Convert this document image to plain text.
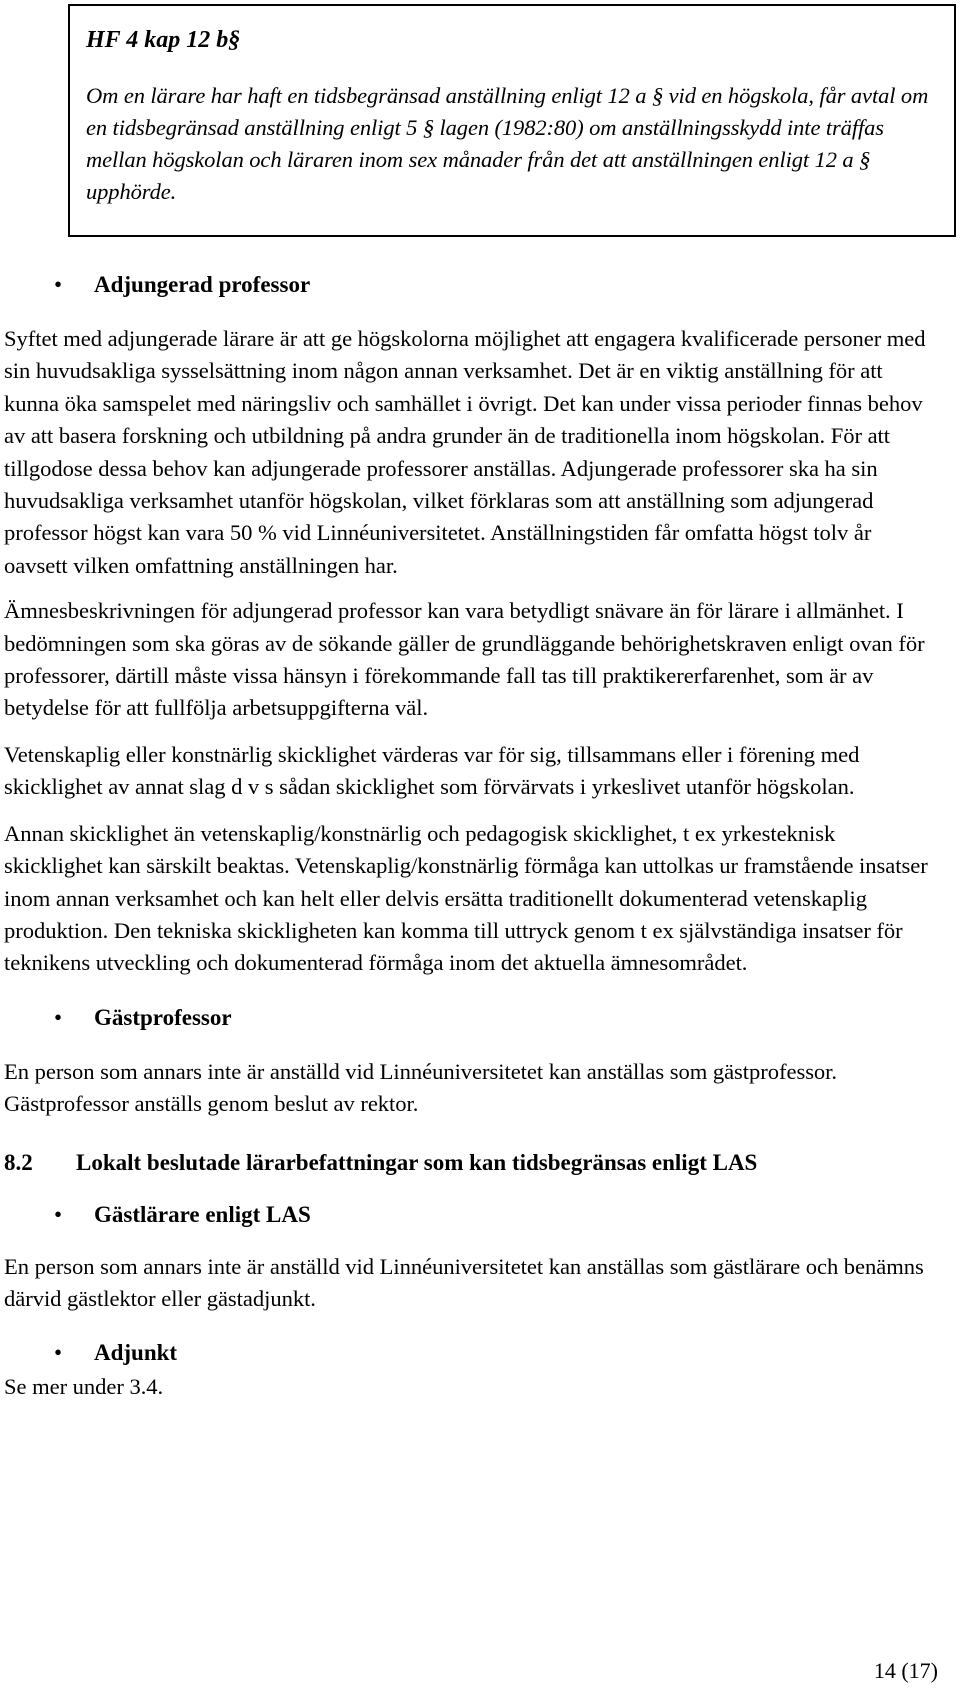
HF 4 kap 12 b§

Om en lärare har haft en tidsbegränsad anställning enligt 12 a § vid en högskola, får avtal om en tidsbegränsad anställning enligt 5 § lagen (1982:80) om anställningsskydd inte träffas mellan högskolan och läraren inom sex månader från det att anställningen enligt 12 a § upphörde.

• Adjungerad professor

Syftet med adjungerade lärare är att ge högskolorna möjlighet att engagera kvalificerade personer med sin huvudsakliga sysselsättning inom någon annan verksamhet. Det är en viktig anställning för att kunna öka samspelet med näringsliv och samhället i övrigt. Det kan under vissa perioder finnas behov av att basera forskning och utbildning på andra grunder än de traditionella inom högskolan. För att tillgodose dessa behov kan adjungerade professorer anställas. Adjungerade professorer ska ha sin huvudsakliga verksamhet utanför högskolan, vilket förklaras som att anställning som adjungerad professor högst kan vara 50 % vid Linnéuniversitetet. Anställningstiden får omfatta högst tolv år oavsett vilken omfattning anställningen har.

Ämnesbeskrivningen för adjungerad professor kan vara betydligt snävare än för lärare i allmänhet. I bedömningen som ska göras av de sökande gäller de grundläggande behörighetskraven enligt ovan för professorer, därtill måste vissa hänsyn i förekommande fall tas till praktikererfarenhet, som är av betydelse för att fullfölja arbetsuppgifterna väl.

Vetenskaplig eller konstnärlig skicklighet värderas var för sig, tillsammans eller i förening med skicklighet av annat slag d v s sådan skicklighet som förvärvats i yrkeslivet utanför högskolan.

Annan skicklighet än vetenskaplig/konstnärlig och pedagogisk skicklighet, t ex yrkesteknisk skicklighet kan särskilt beaktas. Vetenskaplig/konstnärlig förmåga kan uttolkas ur framstående insatser inom annan verksamhet och kan helt eller delvis ersätta traditionellt dokumenterad vetenskaplig produktion. Den tekniska skickligheten kan komma till uttryck genom t ex självständiga insatser för teknikens utveckling och dokumenterad förmåga inom det aktuella ämnesområdet.

• Gästprofessor

En person som annars inte är anställd vid Linnéuniversitetet kan anställas som gästprofessor. Gästprofessor anställs genom beslut av rektor.

8.2 Lokalt beslutade lärarbefattningar som kan tidsbegränsas enligt LAS

• Gästlärare enligt LAS

En person som annars inte är anställd vid Linnéuniversitetet kan anställas som gästlärare och benämns därvid gästlektor eller gästadjunkt.

• Adjunkt

Se mer under 3.4.

14 (17)
